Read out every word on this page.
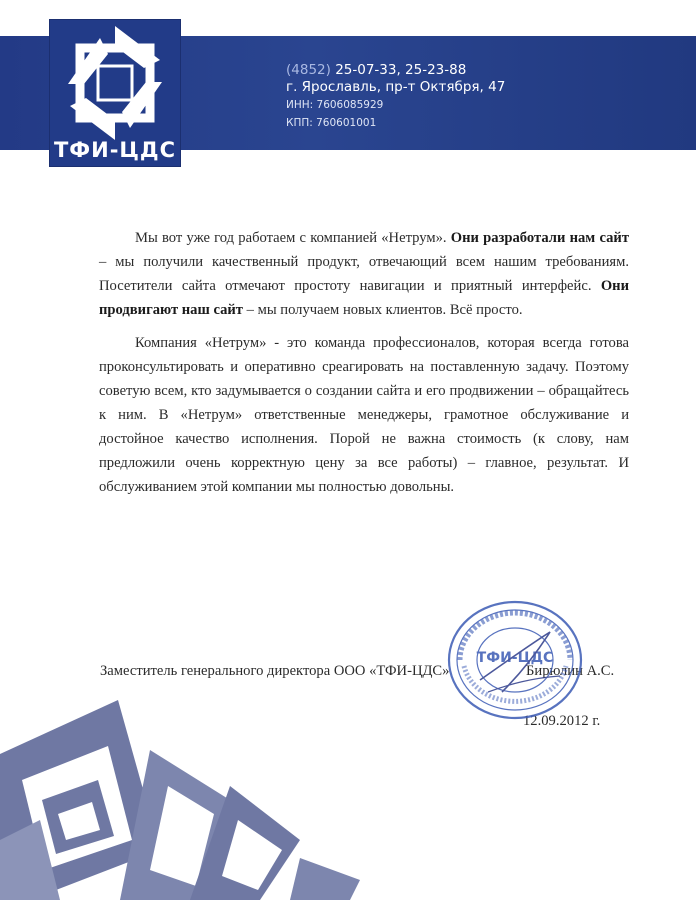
ТФИ-ЦДС
(4852) 25-07-33, 25-23-88
г. Ярославль, пр-т Октября, 47
ИНН: 7606085929
КПП: 760601001

Мы вот уже год работаем с компанией «Нетрум». Они разработали нам сайт – мы получили качественный продукт, отвечающий всем нашим требованиям. Посетители сайта отмечают простоту навигации и приятный интерфейс. Они продвигают наш сайт – мы получаем новых клиентов. Всё просто.

Компания «Нетрум» - это команда профессионалов, которая всегда готова проконсультировать и оперативно среагировать на поставленную задачу. Поэтому советую всем, кто задумывается о создании сайта и его продвижении – обращайтесь к ним. В «Нетрум» ответственные менеджеры, грамотное обслуживание и достойное качество исполнения. Порой не важна стоимость (к слову, нам предложили очень корректную цену за все работы) – главное, результат. И обслуживанием этой компании мы полностью довольны.

Заместитель генерального директора ООО «ТФИ-ЦДС»	Бирюлин А.С.
12.09.2012 г.
ТФИ-ЦДС
